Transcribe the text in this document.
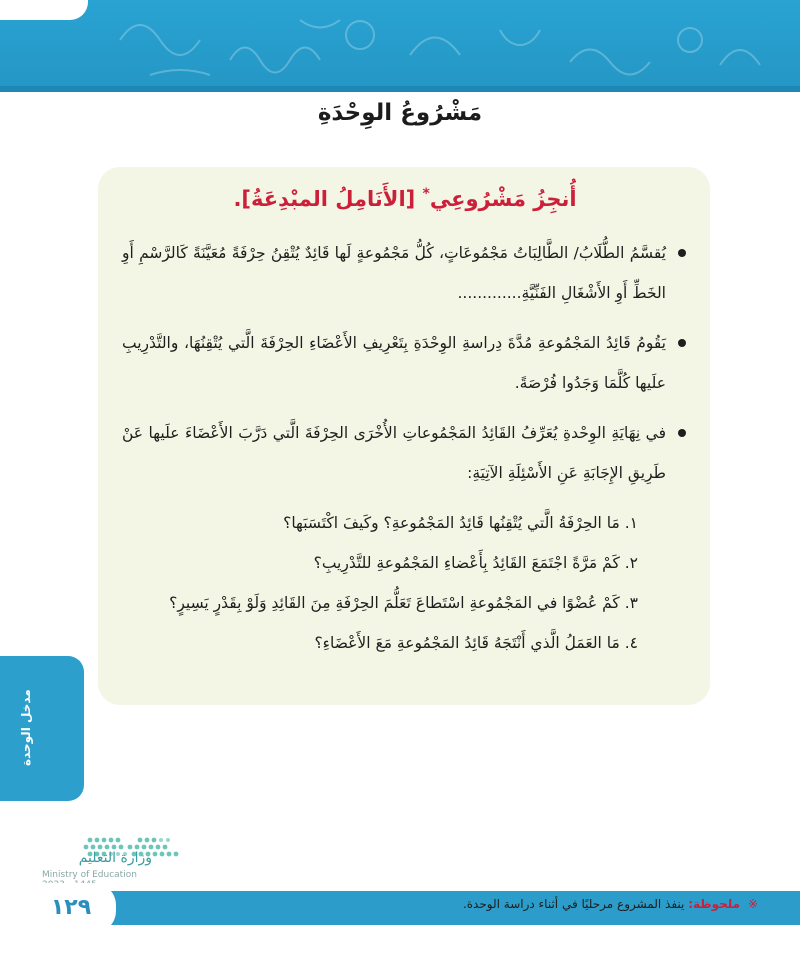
مَشْرُوعُ الوِحْدَةِ
أُنجِزُ مَشْرُوعِي* [الأَنَامِلُ المبْدِعَةُ].
يُقسَّمُ الطُّلَابُ/ الطَّالِبَاتُ مَجْمُوعَاتٍ، كُلُّ مَجْمُوعةٍ لَها قَائِدٌ يُتْقِنُ حِرْفَةً مُعَيَّنَةً كَالرَّسْمِ أَوِ الخَطِّ أَوِ الأَشْغَالِ الفَنِّيَّةِ.............
يَقُومُ قَائِدُ المَجْمُوعةِ مُدَّةَ دِراسةِ الوِحْدَةِ بِتَعْرِيفِ الأَعْضَاءِ الحِرْفَةَ الَّتي يُتْقِنُهَا، والتَّدْرِيبِ علَيها كُلَّمَا وَجَدُوا فُرْصَةً.
في نِهَايَةِ الوِحْدةِ يُعَرِّفُ القَائِدُ المَجْمُوعاتِ الأُخْرَى الحِرْفَةَ الَّتي دَرَّبَ الأَعْضَاءَ علَيها عَنْ طَرِيقِ الإِجَابَةِ عَنِ الأَسْئِلَةِ الآتِيَةِ:
١. مَا الحِرْفَةُ الَّتي يُتْقِنُها قَائِدُ المَجْمُوعةِ؟ وكَيفَ اكْتَسَبَها؟
٢. كَمْ مَرَّةً اجْتَمَعَ القَائِدُ بِأَعْضاءِ المَجْمُوعةِ للتَّدْرِيبِ؟
٣. كَمْ عُضْوًا في المَجْمُوعةِ اسْتَطاعَ تَعَلُّمَ الحِرْفَةِ مِنَ القَائِدِ وَلَوْ بِقَدْرٍ يَسِيرٍ؟
٤. مَا العَمَلُ الَّذي أَنْتَجَهُ قَائِدُ المَجْمُوعةِ مَعَ الأَعْضَاءِ؟
مدخل الوحدة
وزارة التعليم
Ministry of Education
١٢٩	※ ملحوظة: ينفذ المشروع مرحليًا في أثناء دراسة الوحدة.
